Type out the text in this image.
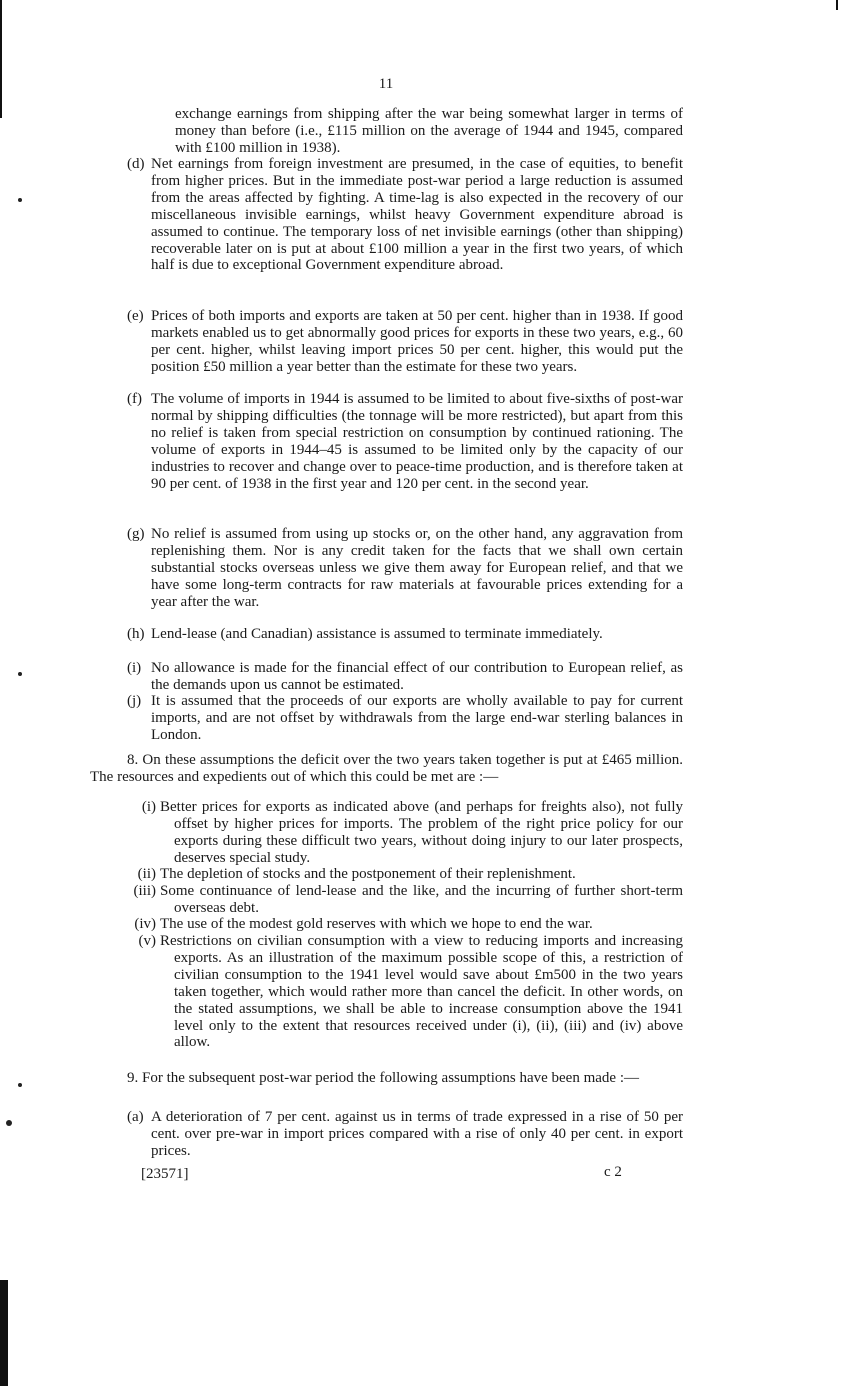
11
exchange earnings from shipping after the war being somewhat larger in terms of money than before (i.e., £115 million on the average of 1944 and 1945, compared with £100 million in 1938).
(d) Net earnings from foreign investment are presumed, in the case of equities, to benefit from higher prices. But in the immediate post-war period a large reduction is assumed from the areas affected by fighting. A time-lag is also expected in the recovery of our miscellaneous invisible earnings, whilst heavy Government expenditure abroad is assumed to continue. The temporary loss of net invisible earnings (other than shipping) recoverable later on is put at about £100 million a year in the first two years, of which half is due to exceptional Government expenditure abroad.
(e) Prices of both imports and exports are taken at 50 per cent. higher than in 1938. If good markets enabled us to get abnormally good prices for exports in these two years, e.g., 60 per cent. higher, whilst leaving import prices 50 per cent. higher, this would put the position £50 million a year better than the estimate for these two years.
(f) The volume of imports in 1944 is assumed to be limited to about five-sixths of post-war normal by shipping difficulties (the tonnage will be more restricted), but apart from this no relief is taken from special restriction on consumption by continued rationing. The volume of exports in 1944–45 is assumed to be limited only by the capacity of our industries to recover and change over to peace-time production, and is therefore taken at 90 per cent. of 1938 in the first year and 120 per cent. in the second year.
(g) No relief is assumed from using up stocks or, on the other hand, any aggravation from replenishing them. Nor is any credit taken for the facts that we shall own certain substantial stocks overseas unless we give them away for European relief, and that we have some long-term contracts for raw materials at favourable prices extending for a year after the war.
(h) Lend-lease (and Canadian) assistance is assumed to terminate immediately.
(i) No allowance is made for the financial effect of our contribution to European relief, as the demands upon us cannot be estimated.
(j) It is assumed that the proceeds of our exports are wholly available to pay for current imports, and are not offset by withdrawals from the large end-war sterling balances in London.
8. On these assumptions the deficit over the two years taken together is put at £465 million. The resources and expedients out of which this could be met are :—
(i) Better prices for exports as indicated above (and perhaps for freights also), not fully offset by higher prices for imports. The problem of the right price policy for our exports during these difficult two years, without doing injury to our later prospects, deserves special study.
(ii) The depletion of stocks and the postponement of their replenishment.
(iii) Some continuance of lend-lease and the like, and the incurring of further short-term overseas debt.
(iv) The use of the modest gold reserves with which we hope to end the war.
(v) Restrictions on civilian consumption with a view to reducing imports and increasing exports. As an illustration of the maximum possible scope of this, a restriction of civilian consumption to the 1941 level would save about £m500 in the two years taken together, which would rather more than cancel the deficit. In other words, on the stated assumptions, we shall be able to increase consumption above the 1941 level only to the extent that resources received under (i), (ii), (iii) and (iv) above allow.
9. For the subsequent post-war period the following assumptions have been made :—
(a) A deterioration of 7 per cent. against us in terms of trade expressed in a rise of 50 per cent. over pre-war in import prices compared with a rise of only 40 per cent. in export prices.
[23571]	c 2
